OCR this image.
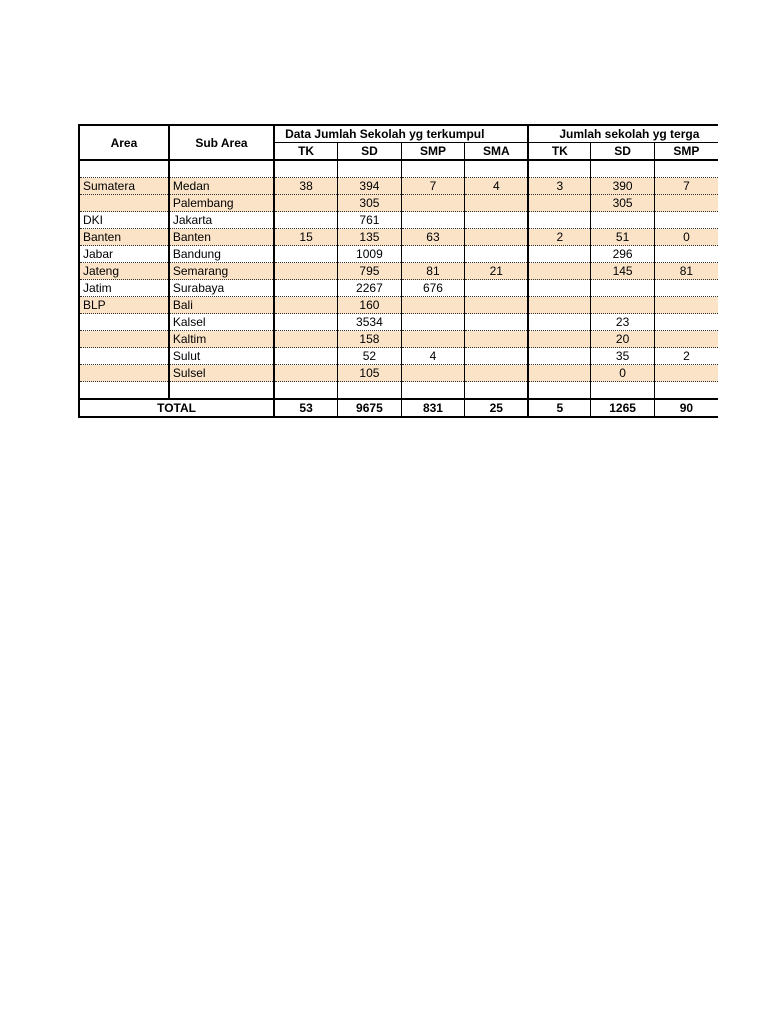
Area	Sub Area	Data Jumlah Sekolah yg terkumpul				Jumlah sekolah yg terga		
		TK	SD	SMP	SMA	TK	SD	SMP

Sumatera	Medan	38	394	7	4	3	390	7
	Palembang		305				305	
DKI	Jakarta		761					
Banten	Banten	15	135	63		2	51	0
Jabar	Bandung		1009				296	
Jateng	Semarang		795	81	21		145	81
Jatim	Surabaya		2267	676				
BLP	Bali		160					
	Kalsel		3534				23	
	Kaltim		158				20	
	Sulut		52	4			35	2
	Sulsel		105				0	

TOTAL		53	9675	831	25	5	1265	90
